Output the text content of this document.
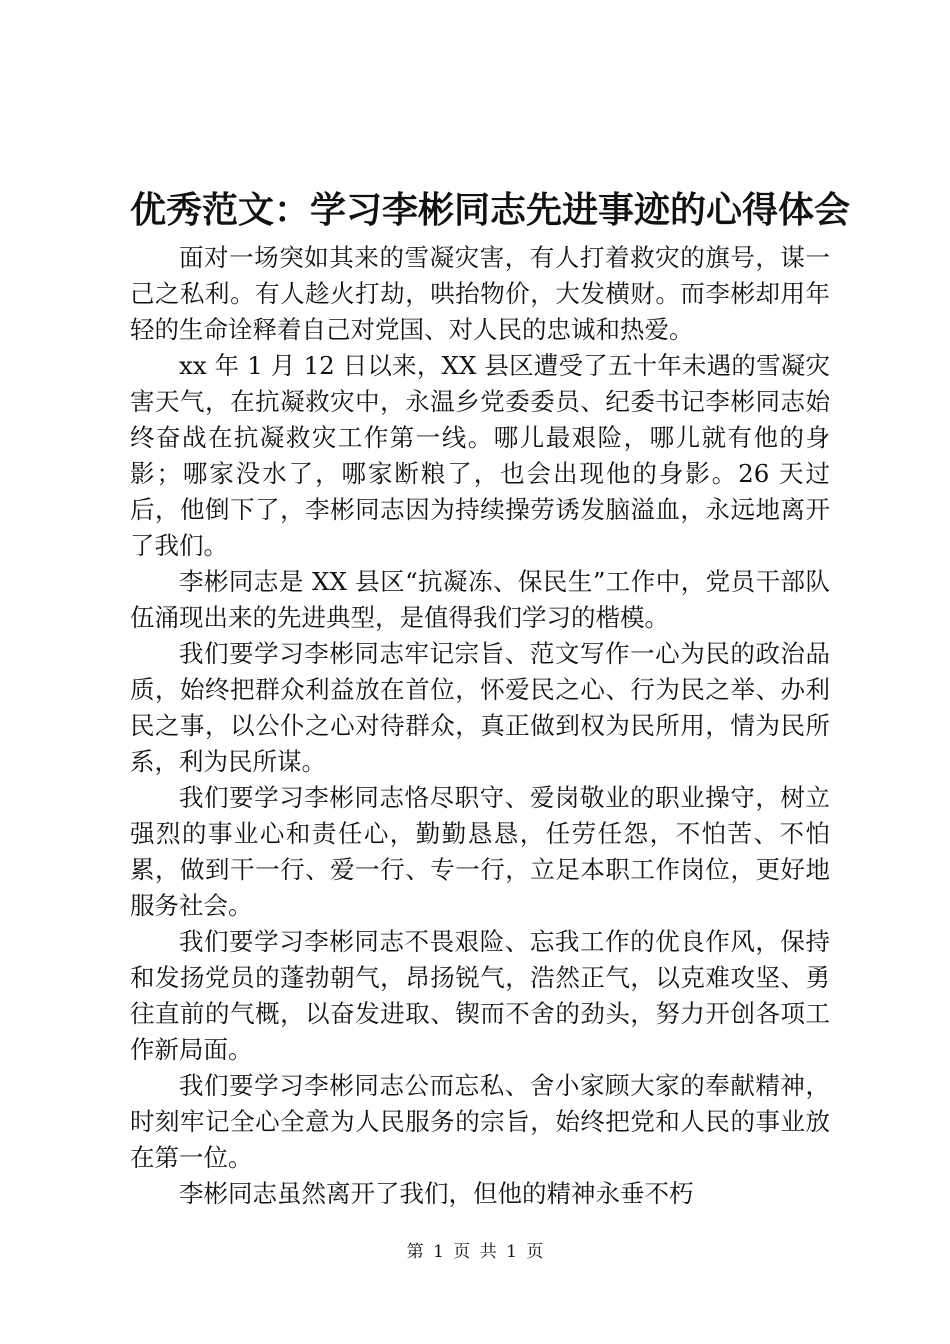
优秀范文：学习李彬同志先进事迹的心得体会

面对一场突如其来的雪凝灾害，有人打着救灾的旗号，谋一己之私利。有人趁火打劫，哄抬物价，大发横财。而李彬却用年轻的生命诠释着自己对党国、对人民的忠诚和热爱。

xx 年 1 月 12 日以来，XX 县区遭受了五十年未遇的雪凝灾害天气，在抗凝救灾中，永温乡党委委员、纪委书记李彬同志始终奋战在抗凝救灾工作第一线。哪儿最艰险，哪儿就有他的身影；哪家没水了，哪家断粮了，也会出现他的身影。26 天过后，他倒下了，李彬同志因为持续操劳诱发脑溢血，永远地离开了我们。

李彬同志是 XX 县区“抗凝冻、保民生”工作中，党员干部队伍涌现出来的先进典型，是值得我们学习的楷模。

我们要学习李彬同志牢记宗旨、范文写作一心为民的政治品质，始终把群众利益放在首位，怀爱民之心、行为民之举、办利民之事，以公仆之心对待群众，真正做到权为民所用，情为民所系，利为民所谋。

我们要学习李彬同志恪尽职守、爱岗敬业的职业操守，树立强烈的事业心和责任心，勤勤恳恳，任劳任怨，不怕苦、不怕累，做到干一行、爱一行、专一行，立足本职工作岗位，更好地服务社会。

我们要学习李彬同志不畏艰险、忘我工作的优良作风，保持和发扬党员的蓬勃朝气，昂扬锐气，浩然正气，以克难攻坚、勇往直前的气概，以奋发进取、锲而不舍的劲头，努力开创各项工作新局面。

我们要学习李彬同志公而忘私、舍小家顾大家的奉献精神，时刻牢记全心全意为人民服务的宗旨，始终把党和人民的事业放在第一位。

李彬同志虽然离开了我们，但他的精神永垂不朽

第 1 页 共 1 页
